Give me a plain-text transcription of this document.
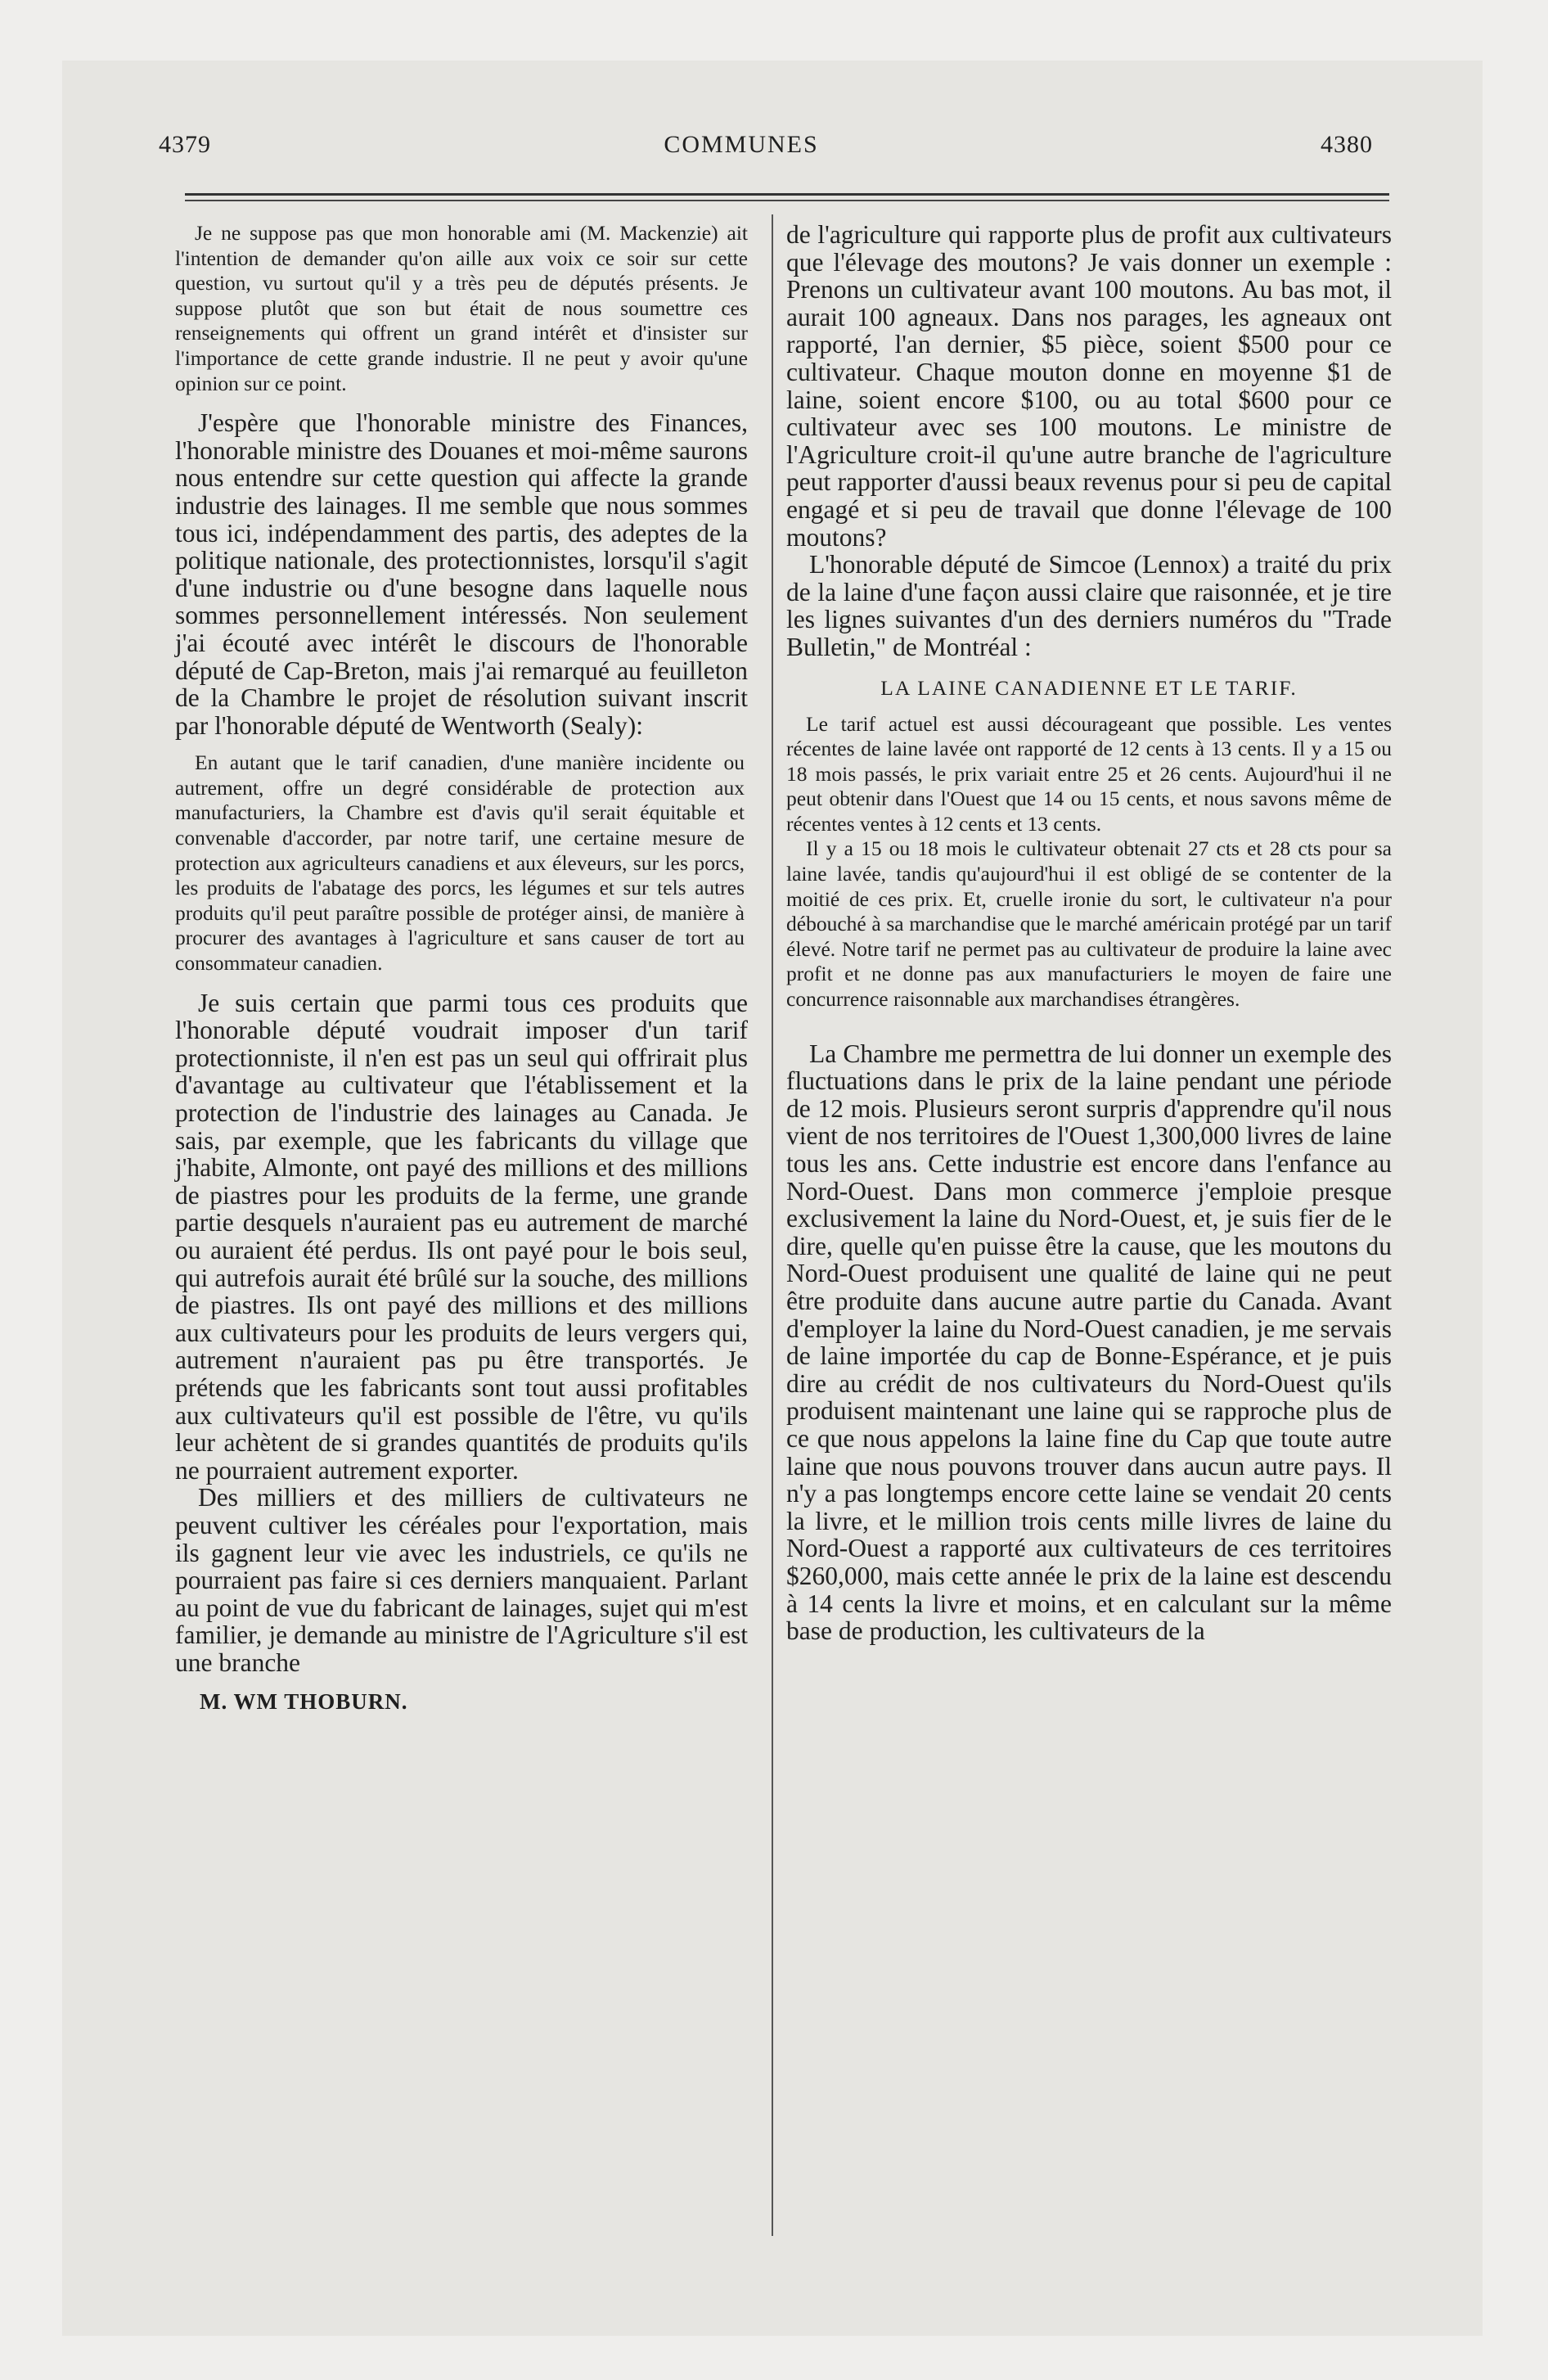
4379	COMMUNES	4380

Je ne suppose pas que mon honorable ami (M. Mackenzie) ait l'intention de demander qu'on aille aux voix ce soir sur cette question, vu surtout qu'il y a très peu de députés présents. Je suppose plutôt que son but était de nous soumettre ces renseignements qui offrent un grand intérêt et d'insister sur l'importance de cette grande industrie. Il ne peut y avoir qu'une opinion sur ce point.

J'espère que l'honorable ministre des Finances, l'honorable ministre des Douanes et moi-même saurons nous entendre sur cette question qui affecte la grande industrie des lainages. Il me semble que nous sommes tous ici, indépendamment des partis, des adeptes de la politique nationale, des protectionnistes, lorsqu'il s'agit d'une industrie ou d'une besogne dans laquelle nous sommes personnellement intéressés. Non seulement j'ai écouté avec intérêt le discours de l'honorable député de Cap-Breton, mais j'ai remarqué au feuilleton de la Chambre le projet de résolution suivant inscrit par l'honorable député de Wentworth (Sealy):

En autant que le tarif canadien, d'une manière incidente ou autrement, offre un degré considérable de protection aux manufacturiers, la Chambre est d'avis qu'il serait équitable et convenable d'accorder, par notre tarif, une certaine mesure de protection aux agriculteurs canadiens et aux éleveurs, sur les porcs, les produits de l'abatage des porcs, les légumes et sur tels autres produits qu'il peut paraître possible de protéger ainsi, de manière à procurer des avantages à l'agriculture et sans causer de tort au consommateur canadien.

Je suis certain que parmi tous ces produits que l'honorable député voudrait imposer d'un tarif protectionniste, il n'en est pas un seul qui offrirait plus d'avantage au cultivateur que l'établissement et la protection de l'industrie des lainages au Canada. Je sais, par exemple, que les fabricants du village que j'habite, Almonte, ont payé des millions et des millions de piastres pour les produits de la ferme, une grande partie desquels n'auraient pas eu autrement de marché ou auraient été perdus. Ils ont payé pour le bois seul, qui autrefois aurait été brûlé sur la souche, des millions de piastres. Ils ont payé des millions et des millions aux cultivateurs pour les produits de leurs vergers qui, autrement n'auraient pas pu être transportés. Je prétends que les fabricants sont tout aussi profitables aux cultivateurs qu'il est possible de l'être, vu qu'ils leur achètent de si grandes quantités de produits qu'ils ne pourraient autrement exporter.

Des milliers et des milliers de cultivateurs ne peuvent cultiver les céréales pour l'exportation, mais ils gagnent leur vie avec les industriels, ce qu'ils ne pourraient pas faire si ces derniers manquaient. Parlant au point de vue du fabricant de lainages, sujet qui m'est familier, je demande au ministre de l'Agriculture s'il est une branche

M. WM THOBURN.

de l'agriculture qui rapporte plus de profit aux cultivateurs que l'élevage des moutons? Je vais donner un exemple : Prenons un cultivateur avant 100 moutons. Au bas mot, il aurait 100 agneaux. Dans nos parages, les agneaux ont rapporté, l'an dernier, $5 pièce, soient $500 pour ce cultivateur. Chaque mouton donne en moyenne $1 de laine, soient encore $100, ou au total $600 pour ce cultivateur avec ses 100 moutons. Le ministre de l'Agriculture croit-il qu'une autre branche de l'agriculture peut rapporter d'aussi beaux revenus pour si peu de capital engagé et si peu de travail que donne l'élevage de 100 moutons?

L'honorable député de Simcoe (Lennox) a traité du prix de la laine d'une façon aussi claire que raisonnée, et je tire les lignes suivantes d'un des derniers numéros du "Trade Bulletin," de Montréal :

LA LAINE CANADIENNE ET LE TARIF.

Le tarif actuel est aussi décourageant que possible. Les ventes récentes de laine lavée ont rapporté de 12 cents à 13 cents. Il y a 15 ou 18 mois passés, le prix variait entre 25 et 26 cents. Aujourd'hui il ne peut obtenir dans l'Ouest que 14 ou 15 cents, et nous savons même de récentes ventes à 12 cents et 13 cents.

Il y a 15 ou 18 mois le cultivateur obtenait 27 cts et 28 cts pour sa laine lavée, tandis qu'aujourd'hui il est obligé de se contenter de la moitié de ces prix. Et, cruelle ironie du sort, le cultivateur n'a pour débouché à sa marchandise que le marché américain protégé par un tarif élevé. Notre tarif ne permet pas au cultivateur de produire la laine avec profit et ne donne pas aux manufacturiers le moyen de faire une concurrence raisonnable aux marchandises étrangères.

La Chambre me permettra de lui donner un exemple des fluctuations dans le prix de la laine pendant une période de 12 mois. Plusieurs seront surpris d'apprendre qu'il nous vient de nos territoires de l'Ouest 1,300,000 livres de laine tous les ans. Cette industrie est encore dans l'enfance au Nord-Ouest. Dans mon commerce j'emploie presque exclusivement la laine du Nord-Ouest, et, je suis fier de le dire, quelle qu'en puisse être la cause, que les moutons du Nord-Ouest produisent une qualité de laine qui ne peut être produite dans aucune autre partie du Canada. Avant d'employer la laine du Nord-Ouest canadien, je me servais de laine importée du cap de Bonne-Espérance, et je puis dire au crédit de nos cultivateurs du Nord-Ouest qu'ils produisent maintenant une laine qui se rapproche plus de ce que nous appelons la laine fine du Cap que toute autre laine que nous pouvons trouver dans aucun autre pays. Il n'y a pas longtemps encore cette laine se vendait 20 cents la livre, et le million trois cents mille livres de laine du Nord-Ouest a rapporté aux cultivateurs de ces territoires $260,000, mais cette année le prix de la laine est descendu à 14 cents la livre et moins, et en calculant sur la même base de production, les cultivateurs de la
